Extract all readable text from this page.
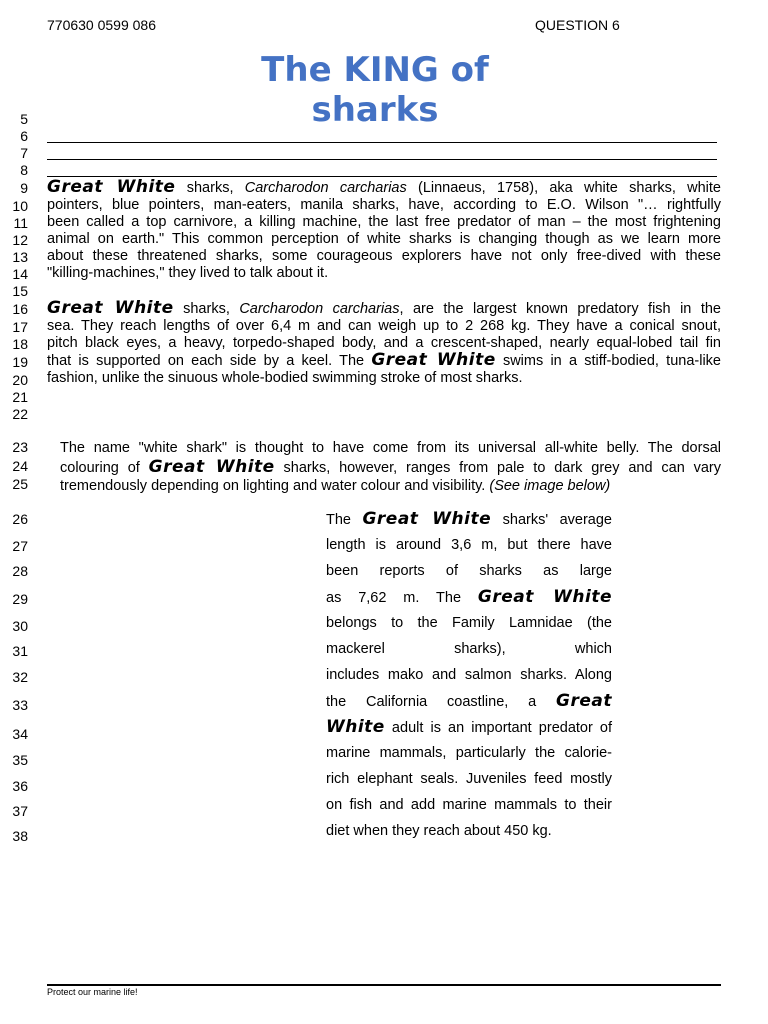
770630 0599 086	QUESTION 6
The KING of sharks
5
6
7
8
9
10
11
12
13
14
15
16
17
18
19
20
21
22
23
24
25
26
27
28
29
30
31
32
33
34
35
36
37
38
Great White sharks, Carcharodon carcharias (Linnaeus, 1758), aka white sharks, white
pointers, blue pointers, man-eaters, manila sharks, have, according to E.O. Wilson "… rightfully
been called a top carnivore, a killing machine, the last free predator of man – the most frightening
animal on earth." This common perception of white sharks is changing though as we learn more
about these threatened sharks, some courageous explorers have not only free-dived with these
"killing-machines," they lived to talk about it.
Great White sharks, Carcharodon carcharias, are the largest known predatory fish in the
sea. They reach lengths of over 6,4 m and can weigh up to 2 268 kg. They have a conical snout,
pitch black eyes, a heavy, torpedo-shaped body, and a crescent-shaped, nearly equal-lobed tail fin
that is supported on each side by a keel. The Great White swims in a stiff-bodied, tuna-like
fashion, unlike the sinuous whole-bodied swimming stroke of most sharks.
The name "white shark" is thought to have come from its universal all-white belly. The dorsal
colouring of Great White sharks, however, ranges from pale to dark grey and can vary
tremendously depending on lighting and water colour and visibility. (See image below)
The Great White sharks' average
length is around 3,6 m, but there have
been reports of sharks as large
as 7,62 m. The Great White
belongs to the Family Lamnidae (the
mackerel sharks), which
includes mako and salmon sharks. Along
the California coastline, a Great
White adult is an important predator of
marine mammals, particularly the calorie-
rich elephant seals. Juveniles feed mostly
on fish and add marine mammals to their
diet when they reach about 450 kg.
Protect our marine life!
